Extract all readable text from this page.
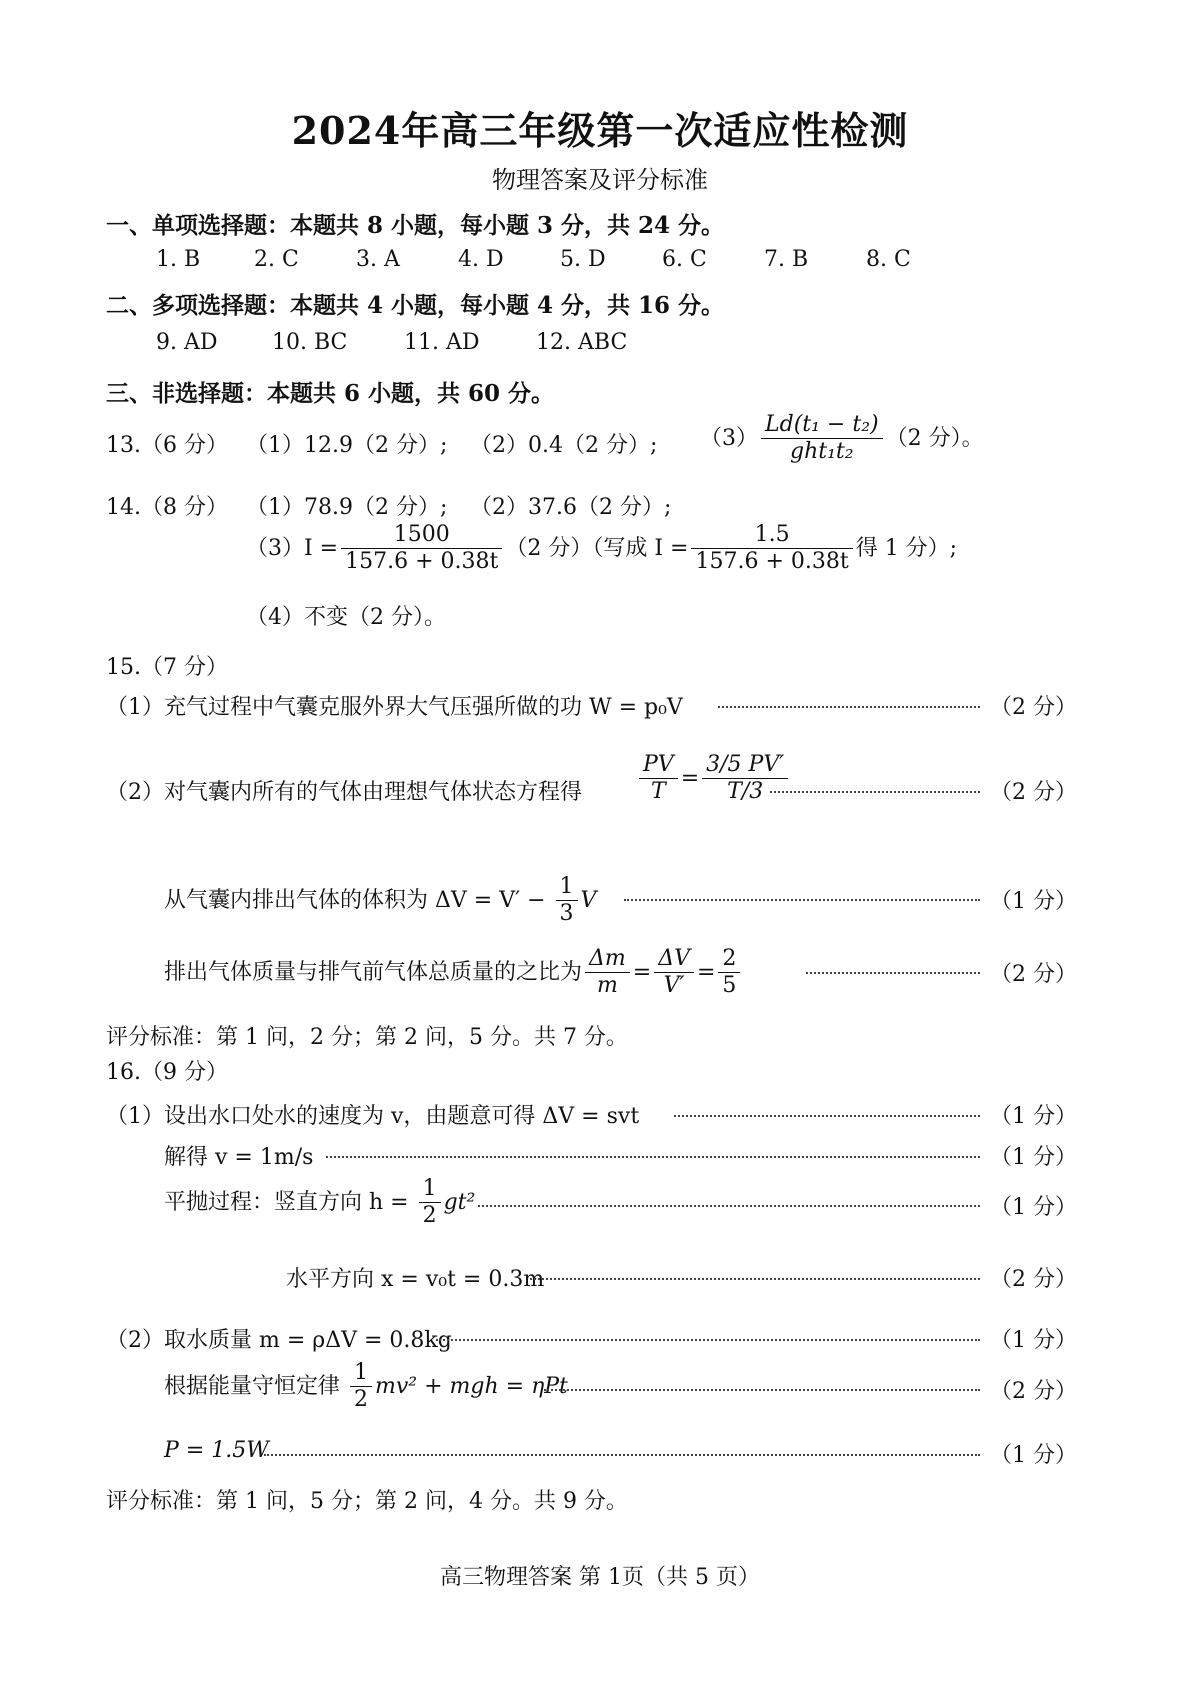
2024年高三年级第一次适应性检测
物理答案及评分标准
一、单项选择题：本题共 8 小题，每小题 3 分，共 24 分。
1. B 2. C	3. A	4. D	5. D	6. C	7. B	8. C
二、多项选择题：本题共 4 小题，每小题 4 分，共 16 分。
9. AD 10. BC	11. AD	12. ABC
三、非选择题：本题共 6 小题，共 60 分。
13.（6 分） （1）12.9（2 分）; （2）0.4（2 分）; $(3) \frac{\text{Ld(t₁ − t₂)}}{\text{ght₁t₂}} (2$ 分）。
14.（8 分） （1）78.9（2 分）; （2）37.6（2 分）;
$(3)I = \frac{1500}{157.6 + 0.38t} (2$ 分）（写成 $I = \frac{1.5}{157.6 + 0.38t}$ 得 1 分）;
（4）不变（2 分）。
15.（7 分）
（1）充气过程中气囊克服外界大气压强所做的功 W = p₀V	（2 分）
（2）对气囊内所有的气体由理想气体状态方程得	$\frac{PV}{T} = \frac{3/5 PV'}{T/3}$	（2 分）
从气囊内排出气体的体积为 $\Delta V = V' - \frac{1}{3}$ V	（1 分）
排出气体质量与排气前气体总质量的之比为 $\frac{\Delta m}{m} = \frac{\Delta V}{V'} = \frac{2}{5}$	（2 分）
评分标准：第 1 问，2 分；第 2 问，5 分。共 7 分。
16.（9 分）
（1）设出水口处水的速度为 v，由题意可得 ΔV = svt	（1 分）
解得 v = 1m/s	（1 分）
平抛过程：竖直方向 $h = \frac{1}{2} gt^2$	（1 分）
水平方向 x = v₀t = 0.3m	（2 分）
（2）取水质量 m = ρΔV = 0.8kg	（1 分）
根据能量守恒定律 $\frac{1}{2} mv^2$ + mgh = ηPt	（2 分）
P = 1.5W	（1 分）
评分标准：第 1 问，5 分；第 2 问，4 分。共 9 分。
高三物理答案 第 1页（共 5 页）
